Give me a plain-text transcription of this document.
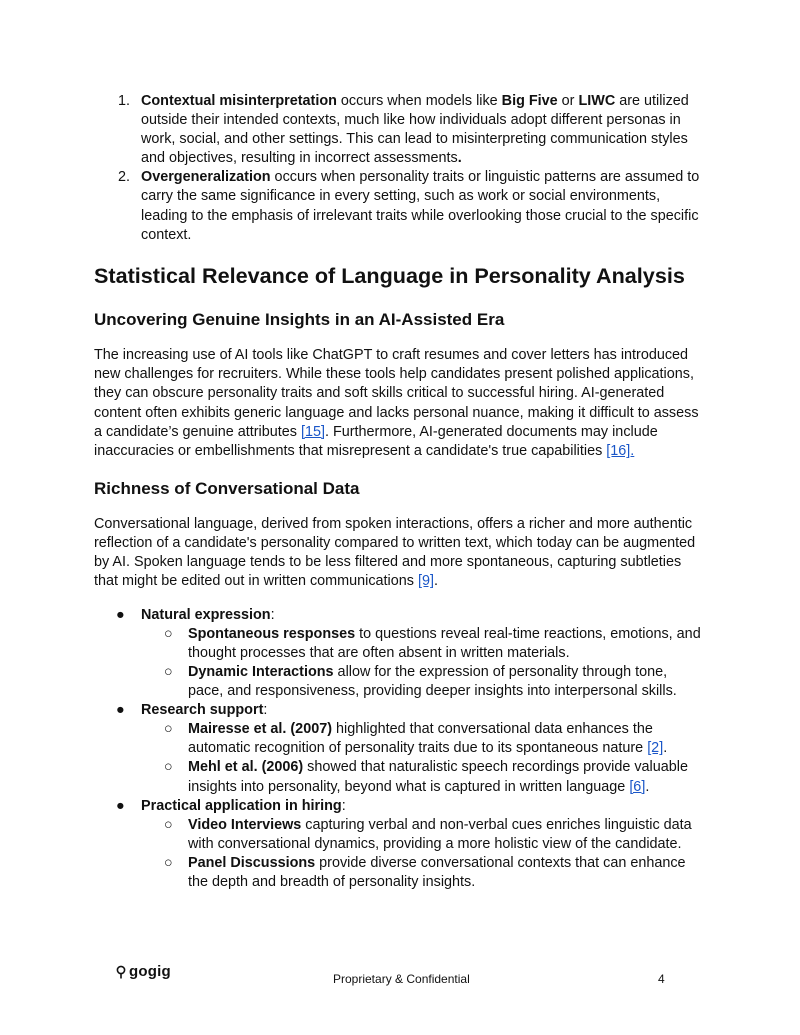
1. Contextual misinterpretation occurs when models like Big Five or LIWC are utilized outside their intended contexts, much like how individuals adopt different personas in work, social, and other settings. This can lead to misinterpreting communication styles and objectives, resulting in incorrect assessments.
2. Overgeneralization occurs when personality traits or linguistic patterns are assumed to carry the same significance in every setting, such as work or social environments, leading to the emphasis of irrelevant traits while overlooking those crucial to the specific context.
Statistical Relevance of Language in Personality Analysis
Uncovering Genuine Insights in an AI-Assisted Era

The increasing use of AI tools like ChatGPT to craft resumes and cover letters has introduced new challenges for recruiters. While these tools help candidates present polished applications, they can obscure personality traits and soft skills critical to successful hiring. AI-generated content often exhibits generic language and lacks personal nuance, making it difficult to assess a candidate’s genuine attributes [15]. Furthermore, AI-generated documents may include inaccuracies or embellishments that misrepresent a candidate's true capabilities [16].

Richness of Conversational Data

Conversational language, derived from spoken interactions, offers a richer and more authentic reflection of a candidate's personality compared to written text, which today can be augmented by AI. Spoken language tends to be less filtered and more spontaneous, capturing subtleties that might be edited out in written communications [9].

● Natural expression:
○ Spontaneous responses to questions reveal real-time reactions, emotions, and thought processes that are often absent in written materials.
○ Dynamic Interactions allow for the expression of personality through tone, pace, and responsiveness, providing deeper insights into interpersonal skills.
● Research support:
○ Mairesse et al. (2007) highlighted that conversational data enhances the automatic recognition of personality traits due to its spontaneous nature [2].
○ Mehl et al. (2006) showed that naturalistic speech recordings provide valuable insights into personality, beyond what is captured in written language [6].
● Practical application in hiring:
○ Video Interviews capturing verbal and non-verbal cues enriches linguistic data with conversational dynamics, providing a more holistic view of the candidate.
○ Panel Discussions provide diverse conversational contexts that can enhance the depth and breadth of personality insights.
gogig	Proprietary & Confidential	4
